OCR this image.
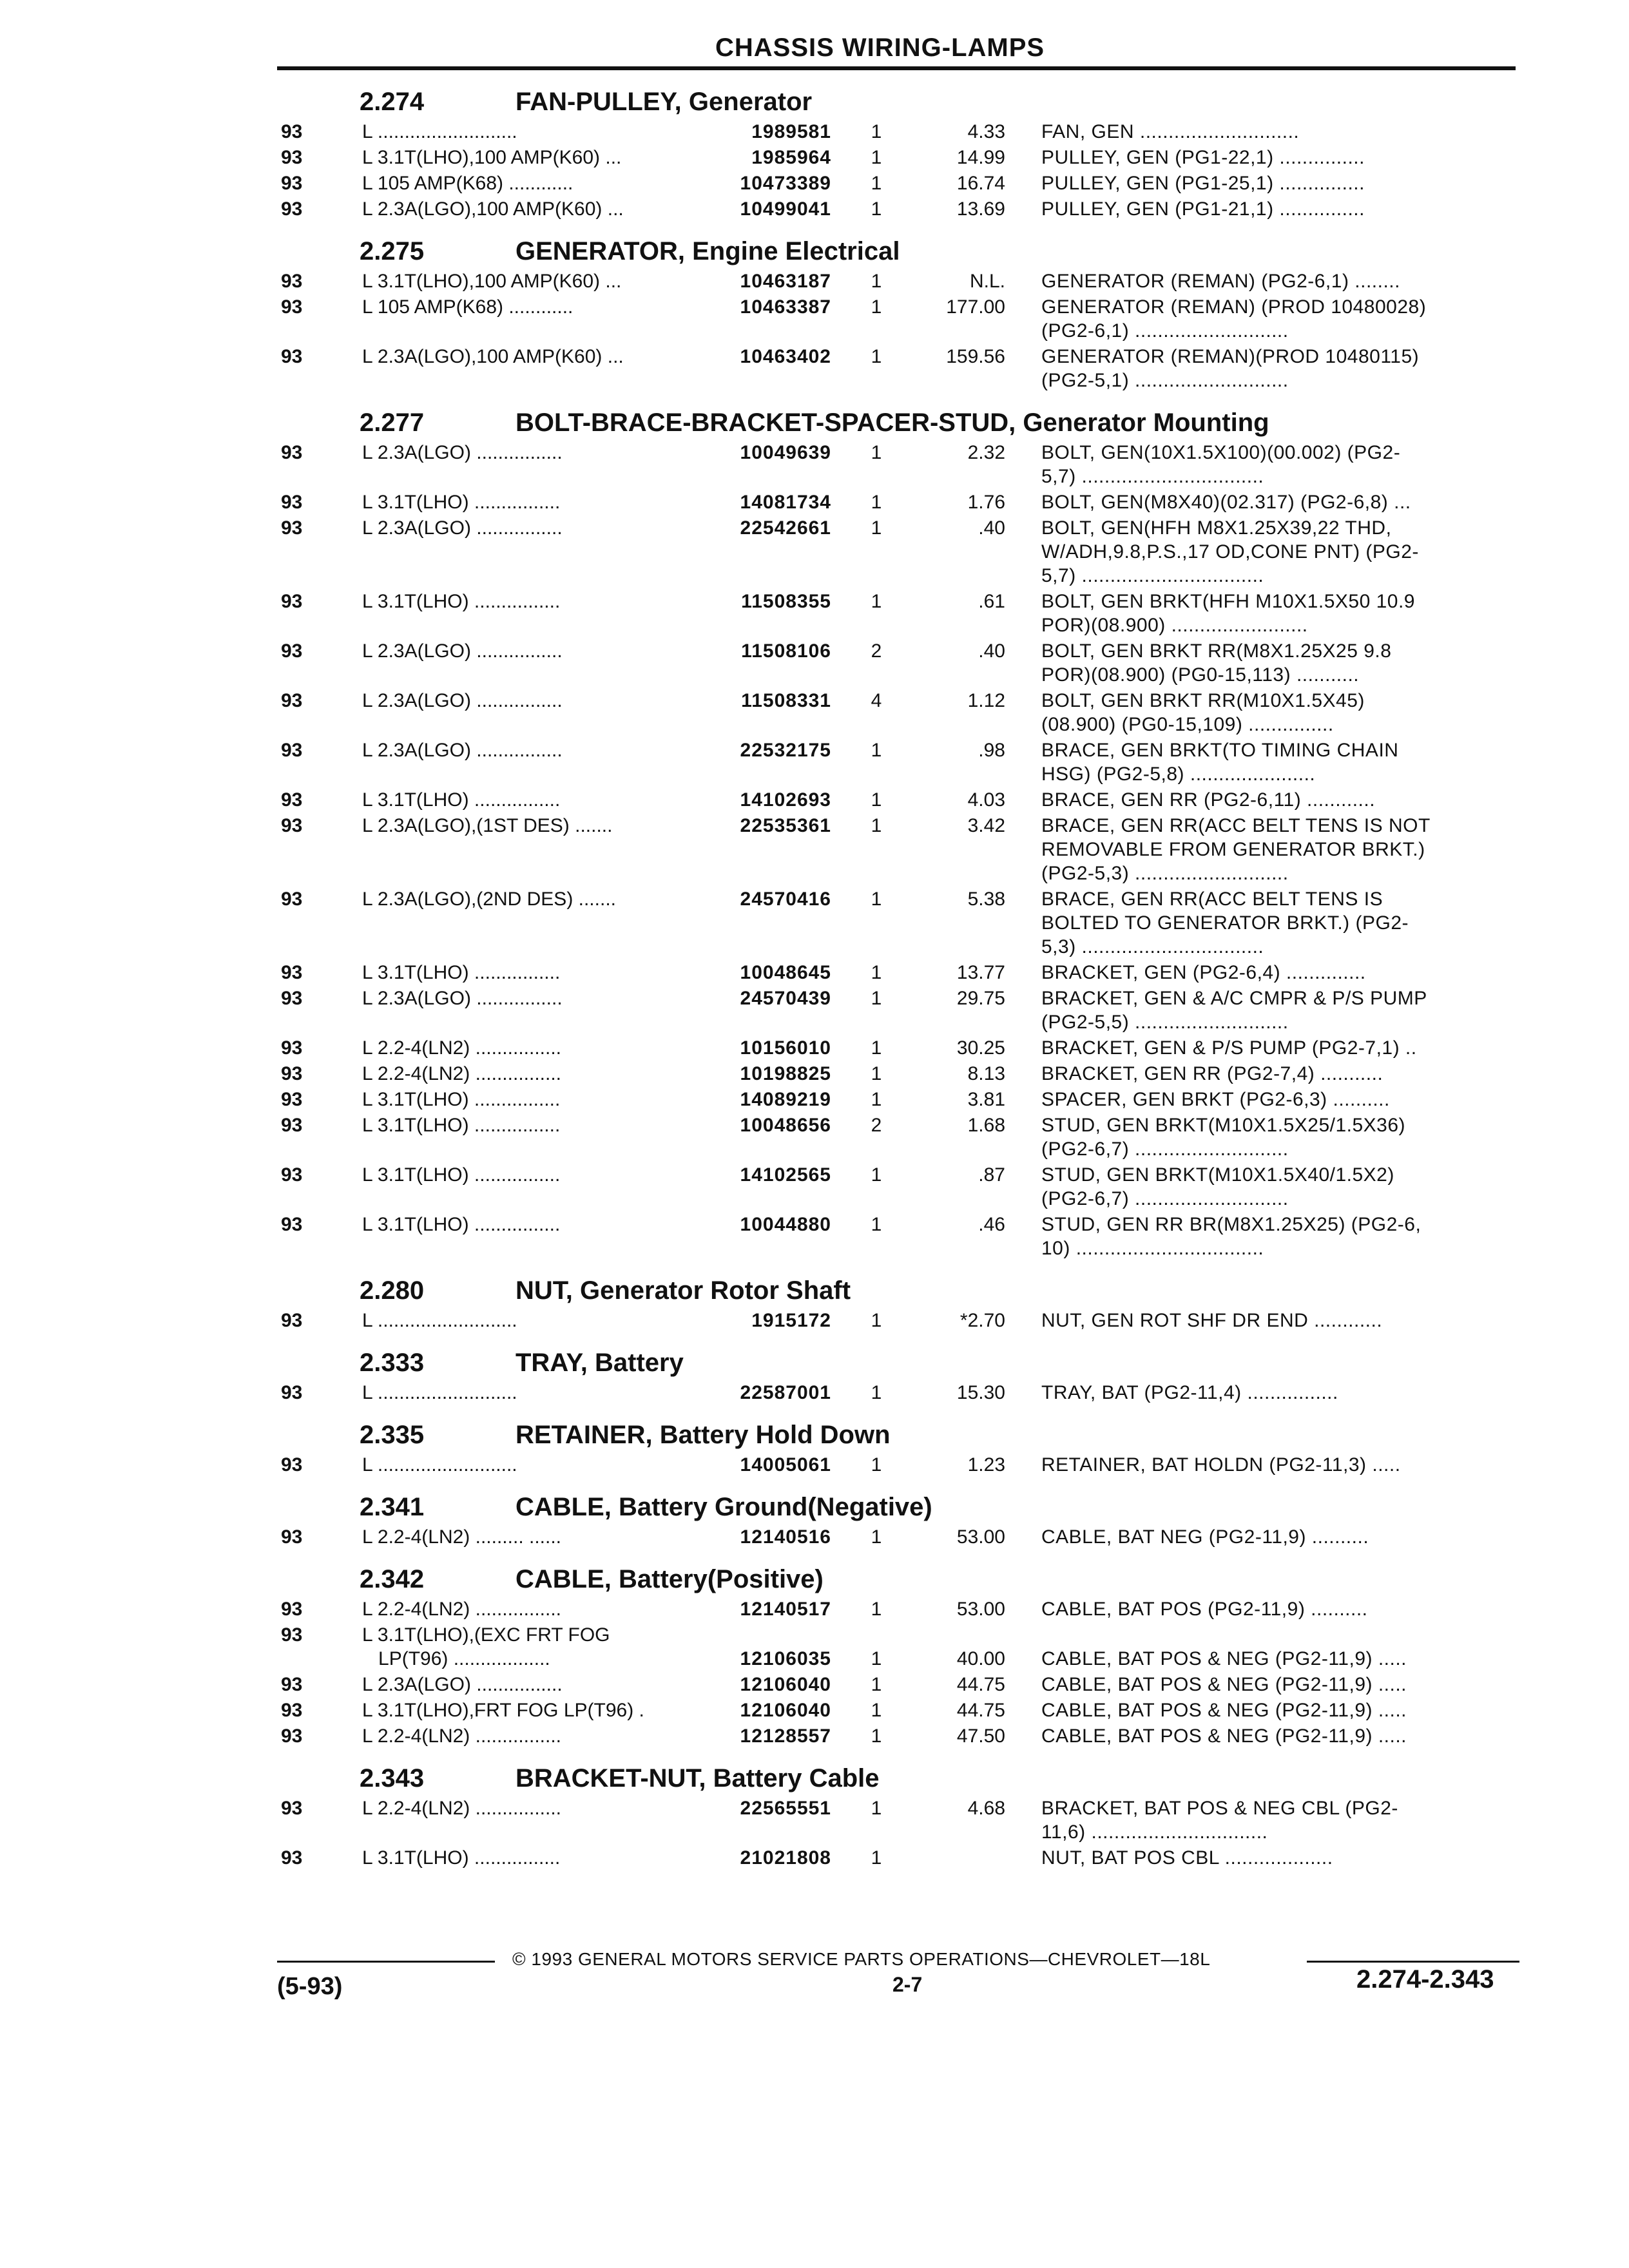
CHASSIS WIRING-LAMPS
2.274	FAN-PULLEY, Generator
93	L ..........................	1989581 1	4.33 FAN, GEN ............................
93	L 3.1T(LHO),100 AMP(K60) ...	1985964 1	14.99 PULLEY, GEN (PG1-22,1) ...............
93	L 105 AMP(K68) ............	10473389 1	16.74 PULLEY, GEN (PG1-25,1) ...............
93	L 2.3A(LGO),100 AMP(K60) ...	10499041 1	13.69 PULLEY, GEN (PG1-21,1) ...............
2.275	GENERATOR, Engine Electrical
93	L 3.1T(LHO),100 AMP(K60) ...	10463187 1	N.L. GENERATOR (REMAN) (PG2-6,1) ........
93	L 105 AMP(K68) ............	10463387 1	177.00 GENERATOR (REMAN) (PROD 10480028)
(PG2-6,1) ...........................
93	L 2.3A(LGO),100 AMP(K60) ...	10463402 1	159.56 GENERATOR (REMAN)(PROD 10480115)
(PG2-5,1) ...........................
2.277	BOLT-BRACE-BRACKET-SPACER-STUD, Generator Mounting
93	L 2.3A(LGO) ................	10049639 1	2.32 BOLT, GEN(10X1.5X100)(00.002) (PG2-
5,7) ................................
93	L 3.1T(LHO) ................	14081734 1	1.76 BOLT, GEN(M8X40)(02.317) (PG2-6,8) ...
93	L 2.3A(LGO) ................	22542661 1	.40 BOLT, GEN(HFH M8X1.25X39,22 THD,
W/ADH,9.8,P.S.,17 OD,CONE PNT) (PG2-
5,7) ................................
93	L 3.1T(LHO) ................	11508355 1	.61 BOLT, GEN BRKT(HFH M10X1.5X50 10.9
POR)(08.900) ........................
93	L 2.3A(LGO) ................	11508106 2	.40 BOLT, GEN BRKT RR(M8X1.25X25 9.8
POR)(08.900) (PG0-15,113) ...........
93	L 2.3A(LGO) ................	11508331 4	1.12 BOLT, GEN BRKT RR(M10X1.5X45)
(08.900) (PG0-15,109) ...............
93	L 2.3A(LGO) ................	22532175 1	.98 BRACE, GEN BRKT(TO TIMING CHAIN
HSG) (PG2-5,8) ......................
93	L 3.1T(LHO) ................	14102693 1	4.03 BRACE, GEN RR (PG2-6,11) ............
93	L 2.3A(LGO),(1ST DES) .......	22535361 1	3.42 BRACE, GEN RR(ACC BELT TENS IS NOT
REMOVABLE FROM GENERATOR BRKT.)
(PG2-5,3) ...........................
93	L 2.3A(LGO),(2ND DES) .......	24570416 1	5.38 BRACE, GEN RR(ACC BELT TENS IS
BOLTED TO GENERATOR BRKT.) (PG2-
5,3) ................................
93	L 3.1T(LHO) ................	10048645 1	13.77 BRACKET, GEN (PG2-6,4) ..............
93	L 2.3A(LGO) ................	24570439 1	29.75 BRACKET, GEN & A/C CMPR & P/S PUMP
(PG2-5,5) ...........................
93	L 2.2-4(LN2) ................	10156010 1	30.25 BRACKET, GEN & P/S PUMP (PG2-7,1) ..
93	L 2.2-4(LN2) ................	10198825 1	8.13 BRACKET, GEN RR (PG2-7,4) ...........
93	L 3.1T(LHO) ................	14089219 1	3.81 SPACER, GEN BRKT (PG2-6,3) ..........
93	L 3.1T(LHO) ................	10048656 2	1.68 STUD, GEN BRKT(M10X1.5X25/1.5X36)
(PG2-6,7) ...........................
93	L 3.1T(LHO) ................	14102565 1	.87 STUD, GEN BRKT(M10X1.5X40/1.5X2)
(PG2-6,7) ...........................
93	L 3.1T(LHO) ................	10044880 1	.46 STUD, GEN RR BR(M8X1.25X25) (PG2-6,
10) .................................
2.280	NUT, Generator Rotor Shaft
93	L ..........................	1915172 1	*2.70 NUT, GEN ROT SHF DR END ............
2.333	TRAY, Battery
93	L ..........................	22587001 1	15.30 TRAY, BAT (PG2-11,4) ................
2.335	RETAINER, Battery Hold Down
93	L ..........................	14005061 1	1.23 RETAINER, BAT HOLDN (PG2-11,3) .....
2.341	CABLE, Battery Ground(Negative)
93	L 2.2-4(LN2) ......... ......	12140516 1	53.00 CABLE, BAT NEG (PG2-11,9) ..........
2.342	CABLE, Battery(Positive)
93	L 2.2-4(LN2) ................	12140517 1	53.00 CABLE, BAT POS (PG2-11,9) ..........
93	L 3.1T(LHO),(EXC FRT FOG
LP(T96) ..................	12106035 1	40.00 CABLE, BAT POS & NEG (PG2-11,9) .....
93	L 2.3A(LGO) ................	12106040 1	44.75 CABLE, BAT POS & NEG (PG2-11,9) .....
93	L 3.1T(LHO),FRT FOG LP(T96) .	12106040 1	44.75 CABLE, BAT POS & NEG (PG2-11,9) .....
93	L 2.2-4(LN2) ................	12128557 1	47.50 CABLE, BAT POS & NEG (PG2-11,9) .....
2.343	BRACKET-NUT, Battery Cable
93	L 2.2-4(LN2) ................	22565551 1	4.68 BRACKET, BAT POS & NEG CBL (PG2-
11,6) ...............................
93	L 3.1T(LHO) ................	21021808 1	NUT, BAT POS CBL ...................
© 1993 GENERAL MOTORS SERVICE PARTS OPERATIONS—CHEVROLET—18L
(5-93)	2-7	2.274-2.343
